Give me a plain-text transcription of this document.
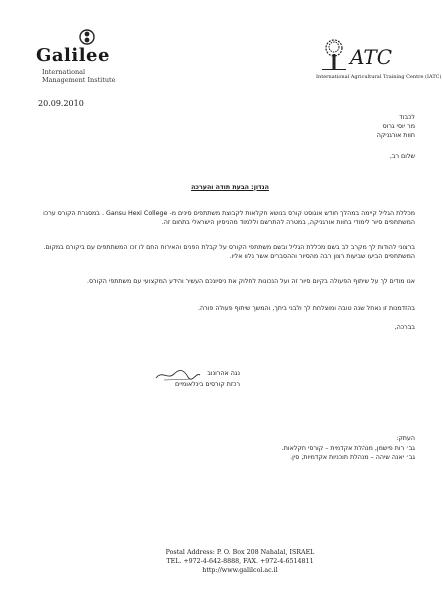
Galilee
International
Management Institute
ATC
International Agricultural Training Centre (IATC)
20.09.2010
לכבוד
מר יוסי גרוס
חוות אורגניקה
שלום רב,
הנדון: הבעת תודה והערכה
מכללת הגליל קיימה במהלך חודש אוגוסט קורס בנושא חקלאות לקבוצת משתתפים סינים מ- Gansu Hexi College . במסגרת הקורס ערכו המשתתפים סיור לימודי בחוות אורגניקה, במטרה להתרשם וללמוד מהניסיון הישראלי בתחום זה.
ברצוני להודות לך מקרב לב בשם מכללת הגליל ובשם משתתפי הקורס על קבלת הפנים והאירוח החם לו זכו המשתתפים עם ביקורם במקום. המשתתפים הביעו שביעות רצון רבה מהסיור וההסברים אשר נלוו אליו.
אנו מודים לך על שיתוף הפעולה בקיום סיור זה ועל הנכונות לחלוק את ניסיונכם העשיר והידע המקצועי עם משתתפי הקורס.
בהזדמנות זו נאחל שנה טובה ומוצלחת לך ולבני ביתך, והמשך שיתוף פעולה פורה.
בברכה,
נגה אהרונוב
רכזת קורסים בינלאומיים
העתק:
גב׳ רות פישמן, מנהלת אקדמית – קורסי חקלאות.
גב׳ יאנה שיהה – מנהלת תוכניות אקדמיות, סין.
Postal Address: P. O. Box 208 Nahalal, ISRAEL
TEL. +972-4-642-8888, FAX. +972-4-6514811
http://www.galilcol.ac.il
